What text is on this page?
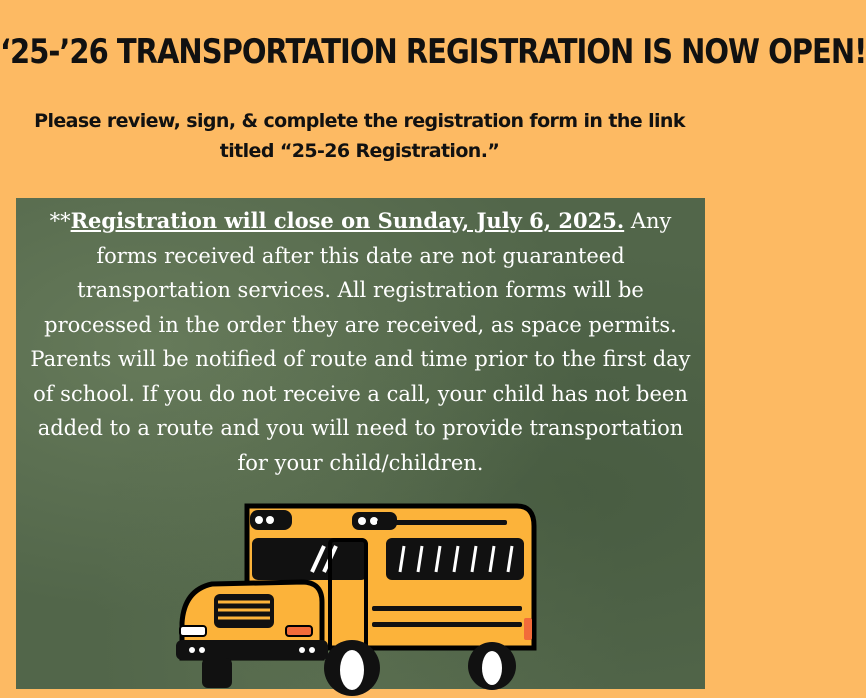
‘25-’26 TRANSPORTATION REGISTRATION IS NOW OPEN!
Please review, sign, & complete the registration form in the link titled “25-26 Registration.”
**Registration will close on Sunday, July 6, 2025. Any forms received after this date are not guaranteed transportation services. All registration forms will be processed in the order they are received, as space permits. Parents will be notified of route and time prior to the first day of school. If you do not receive a call, your child has not been added to a route and you will need to provide transportation for your child/children.
